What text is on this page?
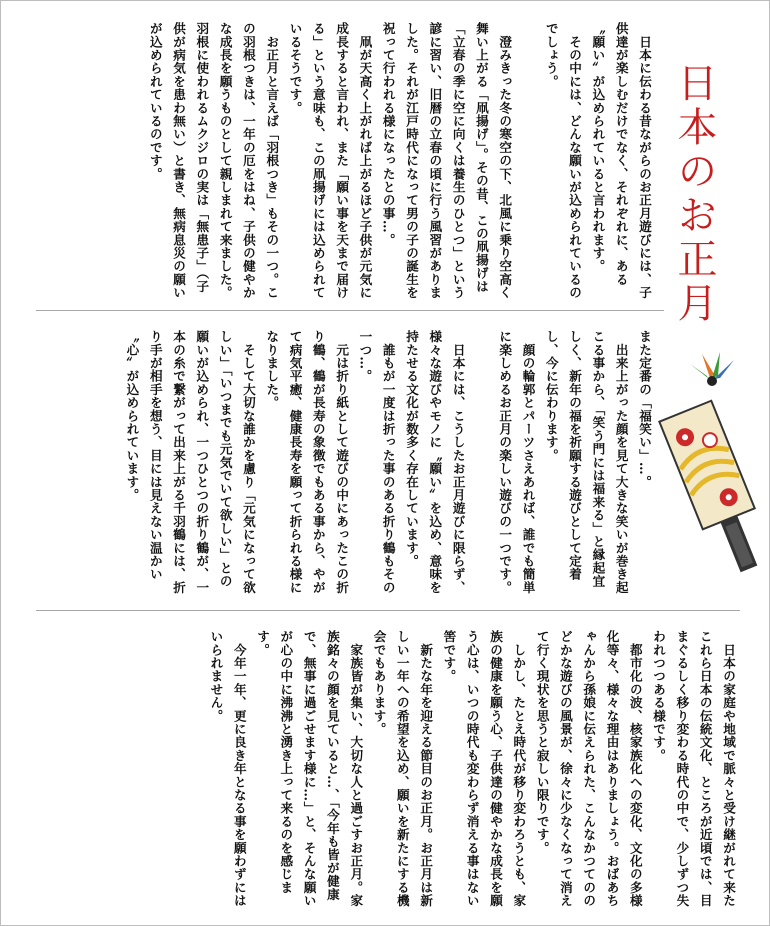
日本のお正月
　日本に伝わる昔ながらのお正月遊びには、子供達が楽しむだけでなく、それぞれに、ある〝願い〟が込められていると言われます。
　その中には、どんな願いが込められているのでしょう。

　澄みきった冬の寒空の下、北風に乗り空高く舞い上がる「凧揚げ」。その昔、この凧揚げは「立春の季に空に向くは養生のひとつ」という諺に習い、旧暦の立春の頃に行う風習がありました。それが江戸時代になって男の子の誕生を祝って行われる様になったとの事…。
　凧が天高く上がれば上がるほど子供が元気に成長すると言われ、また「願い事を天まで届ける」という意味も、この凧揚げには込められているそうです。
　お正月と言えば「羽根つき」もその一つ。この羽根つきは、一年の厄をはね、子供の健やかな成長を願うものとして親しまれて来ました。羽根に使われるムクジロの実は「無患子」（子供が病気を患わ無い）と書き、無病息災の願いが込められているのです。
また定番の「福笑い」…。
　出来上がった顔を見て大きな笑いが巻き起こる事から、「笑う門には福来る」と縁起宜しく、新年の福を祈願する遊びとして定着し、今に伝わります。
　顔の輪郭とパーツさえあれば、誰でも簡単に楽しめるお正月の楽しい遊びの一つです。

　日本には、こうしたお正月遊びに限らず、様々な遊びやモノに〝願い〟を込め、意味を持たせる文化が数多く存在しています。
　誰もが一度は折った事のある折り鶴もその一つ…。
　元は折り紙として遊びの中にあったこの折り鶴、鶴が長寿の象徴でもある事から、やがて病気平癒、健康長寿を願って折られる様になりました。
　そして大切な誰かを慮り「元気になって欲しい」「いつまでも元気でいて欲しい」との願いが込められ、一つひとつの折り鶴が、一本の糸で繋がって出来上がる千羽鶴には、折り手が相手を想う、目には見えない温かい〝心〟が込められています。
　日本の家庭や地域で脈々と受け継がれて来たこれら日本の伝統文化、ところが近頃では、目まぐるしく移り変わる時代の中で、少しずつ失われつつある様です。
　都市化の波、核家族化への変化、文化の多様化等々、様々な理由はありましょう。おばあちゃんから孫娘に伝えられた、こんなかつてののどかな遊びの風景が、徐々に少なくなって消えて行く現状を思うと寂しい限りです。
　しかし、たとえ時代が移り変わろうとも、家族の健康を願う心、子供達の健やかな成長を願う心は、いつの時代も変わらず消える事はない筈です。
　新たな年を迎える節目のお正月。お正月は新しい一年への希望を込め、願いを新たにする機会でもあります。
　家族皆が集い、大切な人と過ごすお正月。家族銘々の顔を見ていると…、「今年も皆が健康で、無事に過ごせます様に…」と、そんな願いが心の中に沸沸と湧き上って来るのを感じます。
　今年一年、更に良き年となる事を願わずにはいられません。
